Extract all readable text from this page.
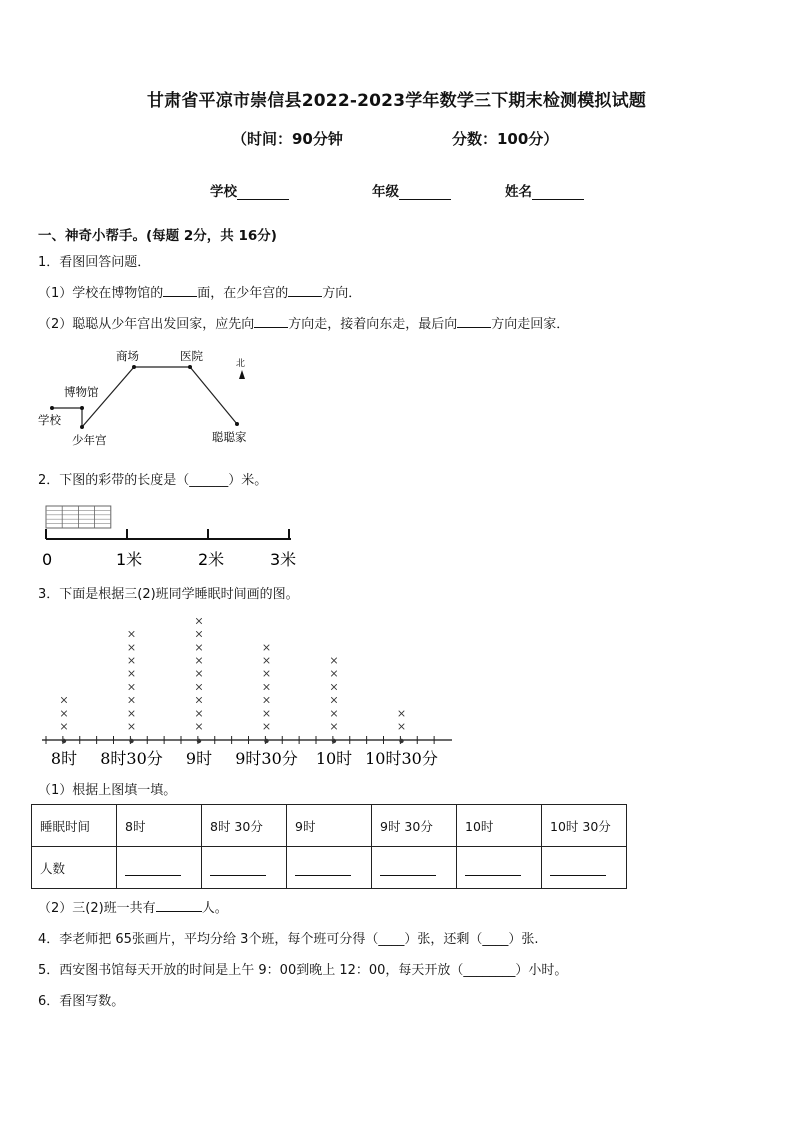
甘肃省平凉市崇信县2022-2023学年数学三下期末检测模拟试题
（时间：90分钟	分数：100分）
学校	年级	姓名
一、神奇小帮手。(每题 2分，共 16分)
1．看图回答问题．
（1）学校在博物馆的	面，在少年宫的	方向．
（2）聪聪从少年宫出发回家，应先向	方向走，接着向东走，最后向	方向走回家．
商场	医院
博物馆
学校
少年宫	聪聪家
北
2．下图的彩带的长度是（______）米。
0	1米	2米	3米
3．下面是根据三(2)班同学睡眠时间画的图。
×
×
×
×
×
×
×
×
×
×
×
×
×
×
×
×
×
×
×
×
×
×
×
×
×
×
×
×
×
×
×
×
×
×
×
8时 8时30分 9时 9时30分 10时 10时30分
（1）根据上图填一填。
睡眠时间	8时	8时 30分	9时	9时 30分	10时	10时 30分
人数						
（2）三(2)班一共有	人。
4．李老师把 65张画片，平均分给 3个班，每个班可分得（____）张，还剩（____）张.
5．西安图书馆每天开放的时间是上午 9：00到晚上 12：00，每天开放（________）小时。
6．看图写数。
